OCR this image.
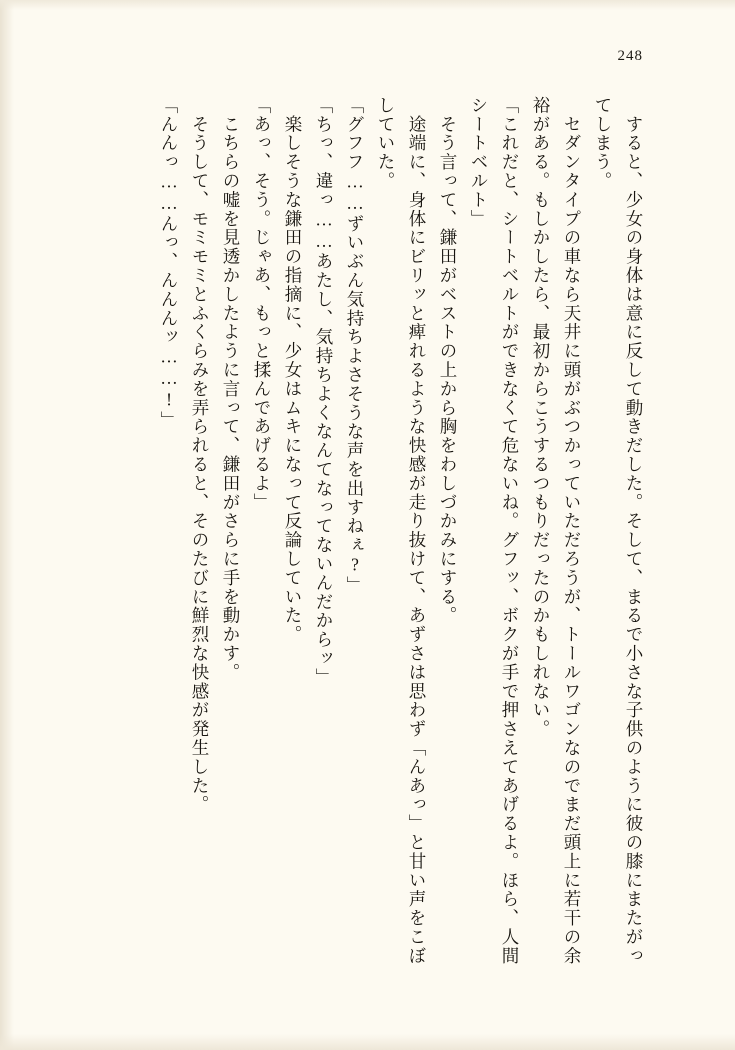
248

　すると、少女の身体は意に反して動きだした。そして、まるで小さな子供のように彼の膝にまたがってしまう。

　セダンタイプの車なら天井に頭がぶつかっていただろうが、トールワゴンなのでまだ頭上に若干の余裕がある。もしかしたら、最初からこうするつもりだったのかもしれない。

「これだと、シートベルトができなくて危ないね。グフッ、ボクが手で押さえてあげるよ。ほら、人間シートベルト」

　そう言って、鎌田がベストの上から胸をわしづかみにする。

　途端に、身体にビリッと痺れるような快感が走り抜けて、あずさは思わず「んあっ」と甘い声をこぼしていた。

「グフフ……ずいぶん気持ちよさそうな声を出すねぇ?」

「ちっ、違っ……あたし、気持ちよくなんてなってないんだからッ」

　楽しそうな鎌田の指摘に、少女はムキになって反論していた。

「あっ、そう。じゃあ、もっと揉んであげるよ」

　こちらの嘘を見透かしたように言って、鎌田がさらに手を動かす。

　そうして、モミモミとふくらみを弄られると、そのたびに鮮烈な快感が発生した。

「んんっ……んっ、んんんッ……!」
